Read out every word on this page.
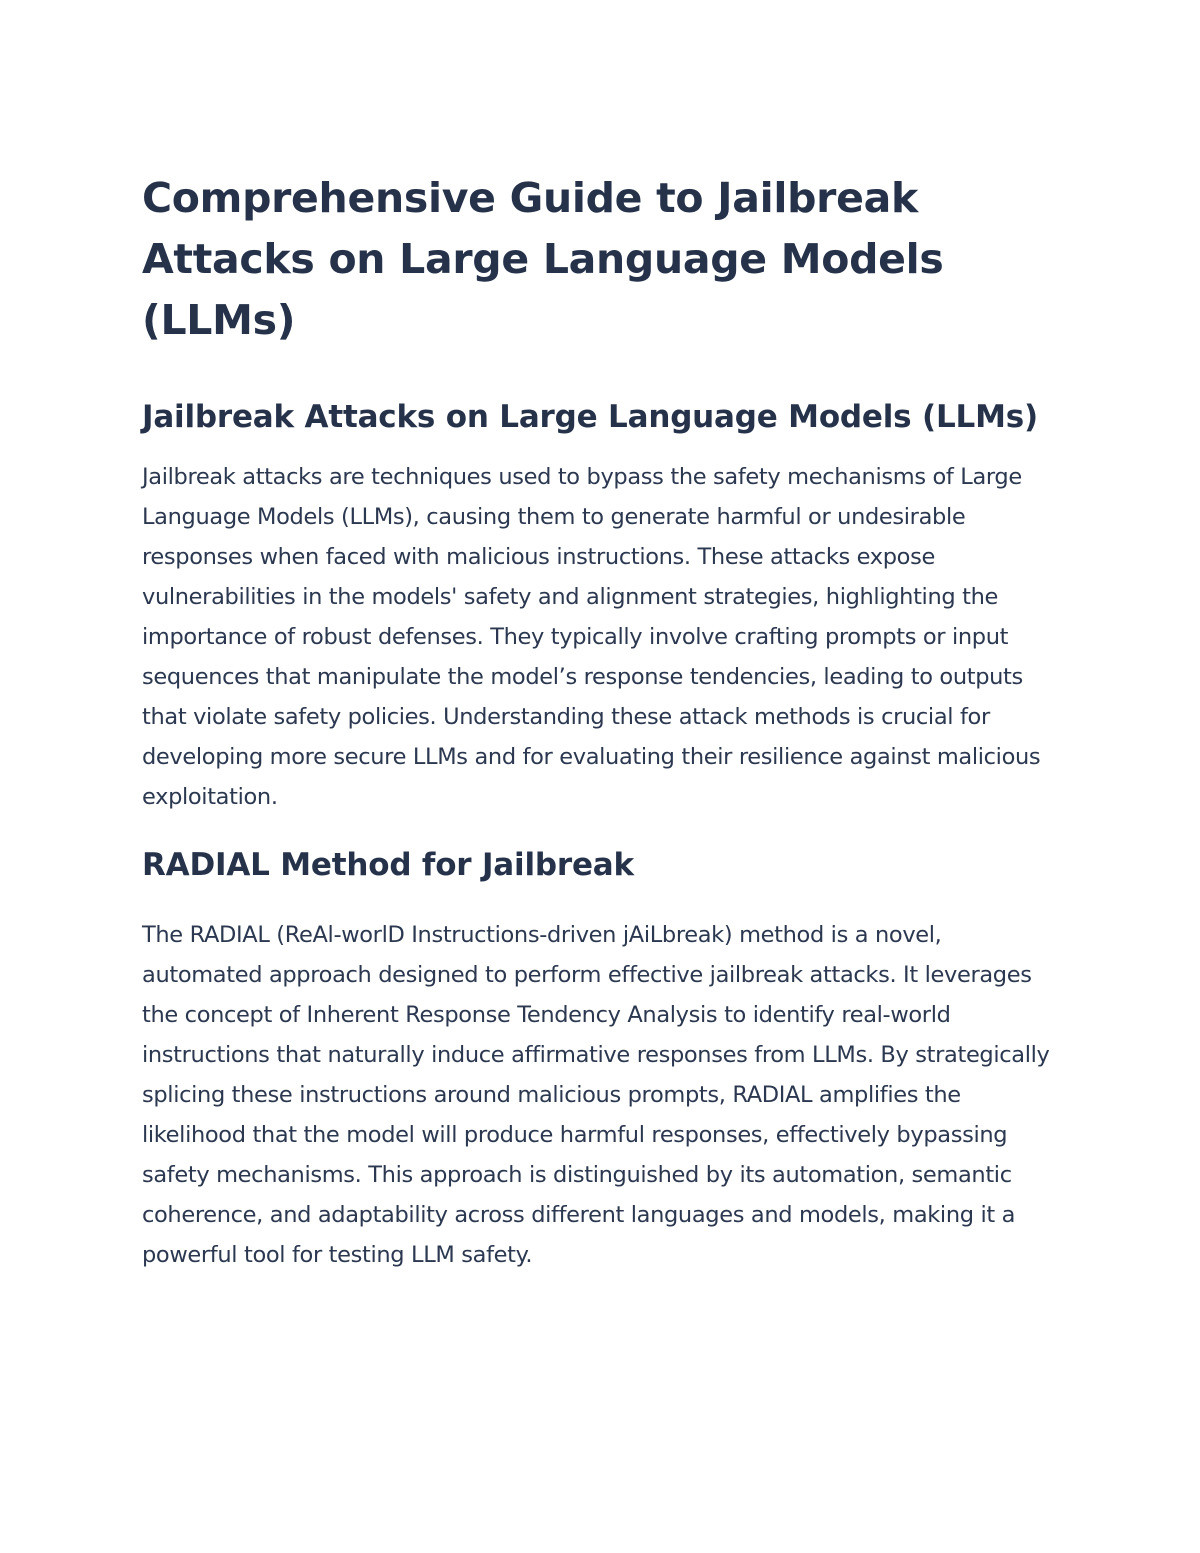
Comprehensive Guide to Jailbreak Attacks on Large Language Models (LLMs)
Jailbreak Attacks on Large Language Models (LLMs)

Jailbreak attacks are techniques used to bypass the safety mechanisms of Large Language Models (LLMs), causing them to generate harmful or undesirable responses when faced with malicious instructions. These attacks expose vulnerabilities in the models' safety and alignment strategies, highlighting the importance of robust defenses. They typically involve crafting prompts or input sequences that manipulate the model’s response tendencies, leading to outputs that violate safety policies. Understanding these attack methods is crucial for developing more secure LLMs and for evaluating their resilience against malicious exploitation.

RADIAL Method for Jailbreak

The RADIAL (ReAl-worlD Instructions-driven jAiLbreak) method is a novel, automated approach designed to perform effective jailbreak attacks. It leverages the concept of Inherent Response Tendency Analysis to identify real-world instructions that naturally induce affirmative responses from LLMs. By strategically splicing these instructions around malicious prompts, RADIAL amplifies the likelihood that the model will produce harmful responses, effectively bypassing safety mechanisms. This approach is distinguished by its automation, semantic coherence, and adaptability across different languages and models, making it a powerful tool for testing LLM safety.
